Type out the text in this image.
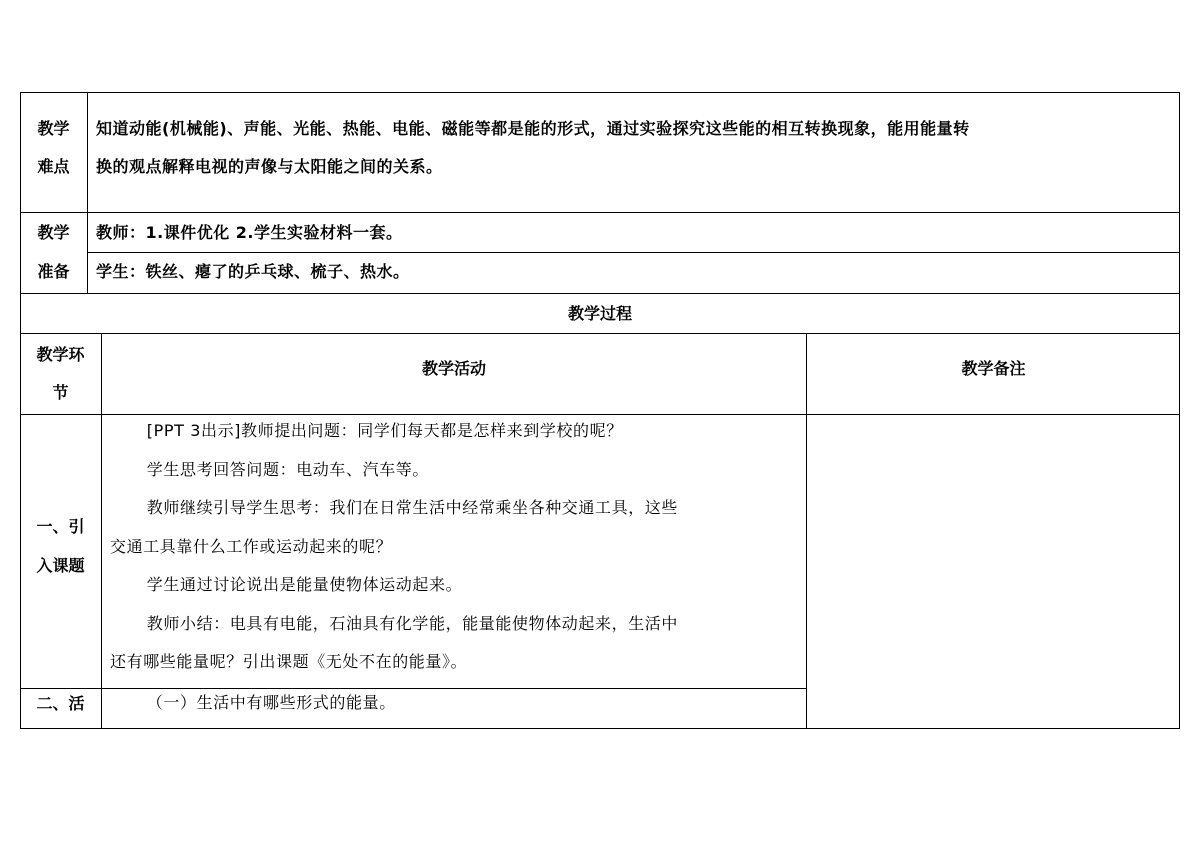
教学
难点
知道动能(机械能)、声能、光能、热能、电能、磁能等都是能的形式，通过实验探究这些能的相互转换现象，能用能量转
换的观点解释电视的声像与太阳能之间的关系。
教学
准备
教师：1.课件优化 2.学生实验材料一套。
学生：铁丝、瘪了的乒乓球、梳子、热水。
教学过程
教学环
节
教学活动	教学备注
一、引
入课题

[PPT 3出示]教师提出问题：同学们每天都是怎样来到学校的呢？

学生思考回答问题：电动车、汽车等。

教师继续引导学生思考：我们在日常生活中经常乘坐各种交通工具，这些

交通工具靠什么工作或运动起来的呢？

学生通过讨论说出是能量使物体运动起来。

教师小结：电具有电能，石油具有化学能，能量能使物体动起来，生活中

还有哪些能量呢？引出课题《无处不在的能量》。

二、活	（一）生活中有哪些形式的能量。
